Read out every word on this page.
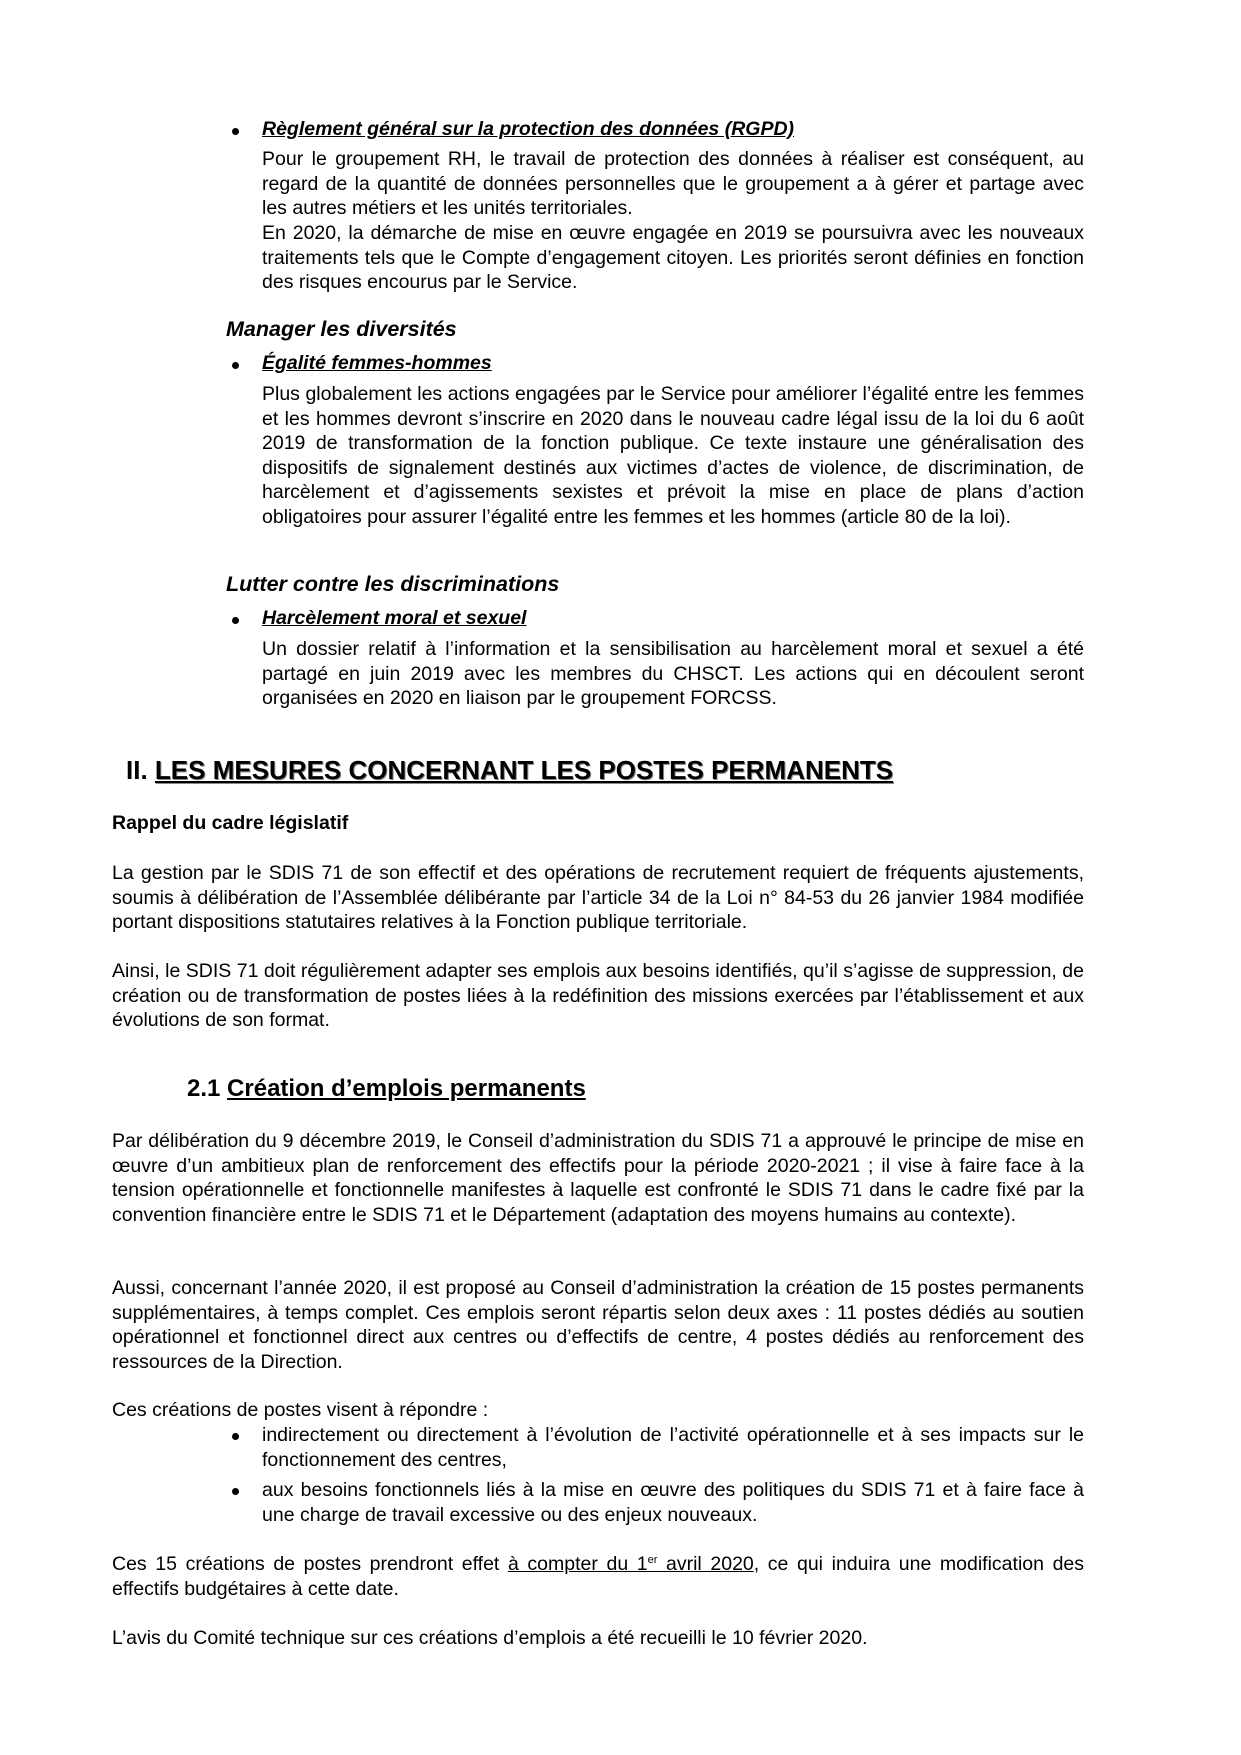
Règlement général sur la protection des données (RGPD)

Pour le groupement RH, le travail de protection des données à réaliser est conséquent, au regard de la quantité de données personnelles que le groupement a à gérer et partage avec les autres métiers et les unités territoriales.

En 2020, la démarche de mise en œuvre engagée en 2019 se poursuivra avec les nouveaux traitements tels que le Compte d’engagement citoyen. Les priorités seront définies en fonction des risques encourus par le Service.

Manager les diversités
Égalité femmes-hommes

Plus globalement les actions engagées par le Service pour améliorer l’égalité entre les femmes et les hommes devront s’inscrire en 2020 dans le nouveau cadre légal issu de la loi du 6 août 2019 de transformation de la fonction publique. Ce texte instaure une généralisation des dispositifs de signalement destinés aux victimes d’actes de violence, de discrimination, de harcèlement et d’agissements sexistes et prévoit la mise en place de plans d’action obligatoires pour assurer l’égalité entre les femmes et les hommes (article 80 de la loi).

Lutter contre les discriminations
Harcèlement moral et sexuel

Un dossier relatif à l’information et la sensibilisation au harcèlement moral et sexuel a été partagé en juin 2019 avec les membres du CHSCT. Les actions qui en découlent seront organisées en 2020 en liaison par le groupement FORCSS.

II. LES MESURES CONCERNANT LES POSTES PERMANENTS
Rappel du cadre législatif

La gestion par le SDIS 71 de son effectif et des opérations de recrutement requiert de fréquents ajustements, soumis à délibération de l’Assemblée délibérante par l’article 34 de la Loi n° 84-53 du 26 janvier 1984 modifiée portant dispositions statutaires relatives à la Fonction publique territoriale.

Ainsi, le SDIS 71 doit régulièrement adapter ses emplois aux besoins identifiés, qu’il s’agisse de suppression, de création ou de transformation de postes liées à la redéfinition des missions exercées par l’établissement et aux évolutions de son format.

2.1 Création d’emplois permanents

Par délibération du 9 décembre 2019, le Conseil d’administration du SDIS 71 a approuvé le principe de mise en œuvre d’un ambitieux plan de renforcement des effectifs pour la période 2020-2021 ; il vise à faire face à la tension opérationnelle et fonctionnelle manifestes à laquelle est confronté le SDIS 71 dans le cadre fixé par la convention financière entre le SDIS 71 et le Département (adaptation des moyens humains au contexte).

Aussi, concernant l’année 2020, il est proposé au Conseil d’administration la création de 15 postes permanents supplémentaires, à temps complet. Ces emplois seront répartis selon deux axes : 11 postes dédiés au soutien opérationnel et fonctionnel direct aux centres ou d’effectifs de centre, 4 postes dédiés au renforcement des ressources de la Direction.

Ces créations de postes visent à répondre :

indirectement ou directement à l’évolution de l’activité opérationnelle et à ses impacts sur le fonctionnement des centres,

aux besoins fonctionnels liés à la mise en œuvre des politiques du SDIS 71 et à faire face à une charge de travail excessive ou des enjeux nouveaux.

Ces 15 créations de postes prendront effet à compter du 1er avril 2020, ce qui induira une modification des effectifs budgétaires à cette date.

L’avis du Comité technique sur ces créations d’emplois a été recueilli le 10 février 2020.
